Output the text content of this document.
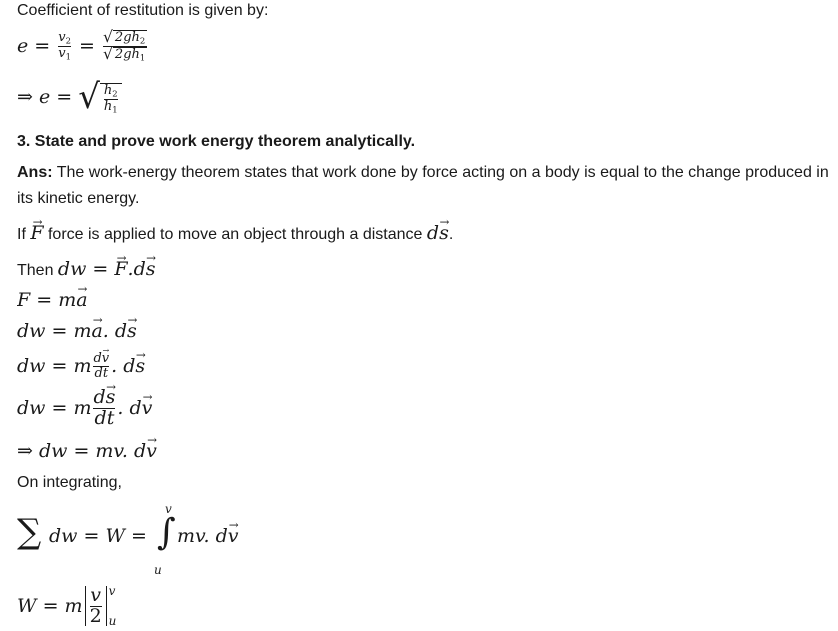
Coefficient of restitution is given by:
$e = \frac{v_2}{v_1} = \frac{√ 2gh_2}{√ 2gh_1}$
⇒ e = √ $\frac{h_2}{h_1}$
3. State and prove work energy theorem analytically.
Ans: The work-energy theorem states that work done by force acting on a body is equal to the change produced in its kinetic energy.
If → F force is applied to move an object through a distance d→ s.
Then dw = → F.d→ s
F = m→ a
dw = m→ a. d→ s
dw = m $\frac{d\to v}{dt}$ . d→ s
dw = m $\frac{d\to s}{dt}$ . d→ v
⇒ dw = mv. d→ v
On integrating,
∑ dw = W =
v
∫
u
mv. d→ v
W = m $\frac{v}{2}$ v
u
